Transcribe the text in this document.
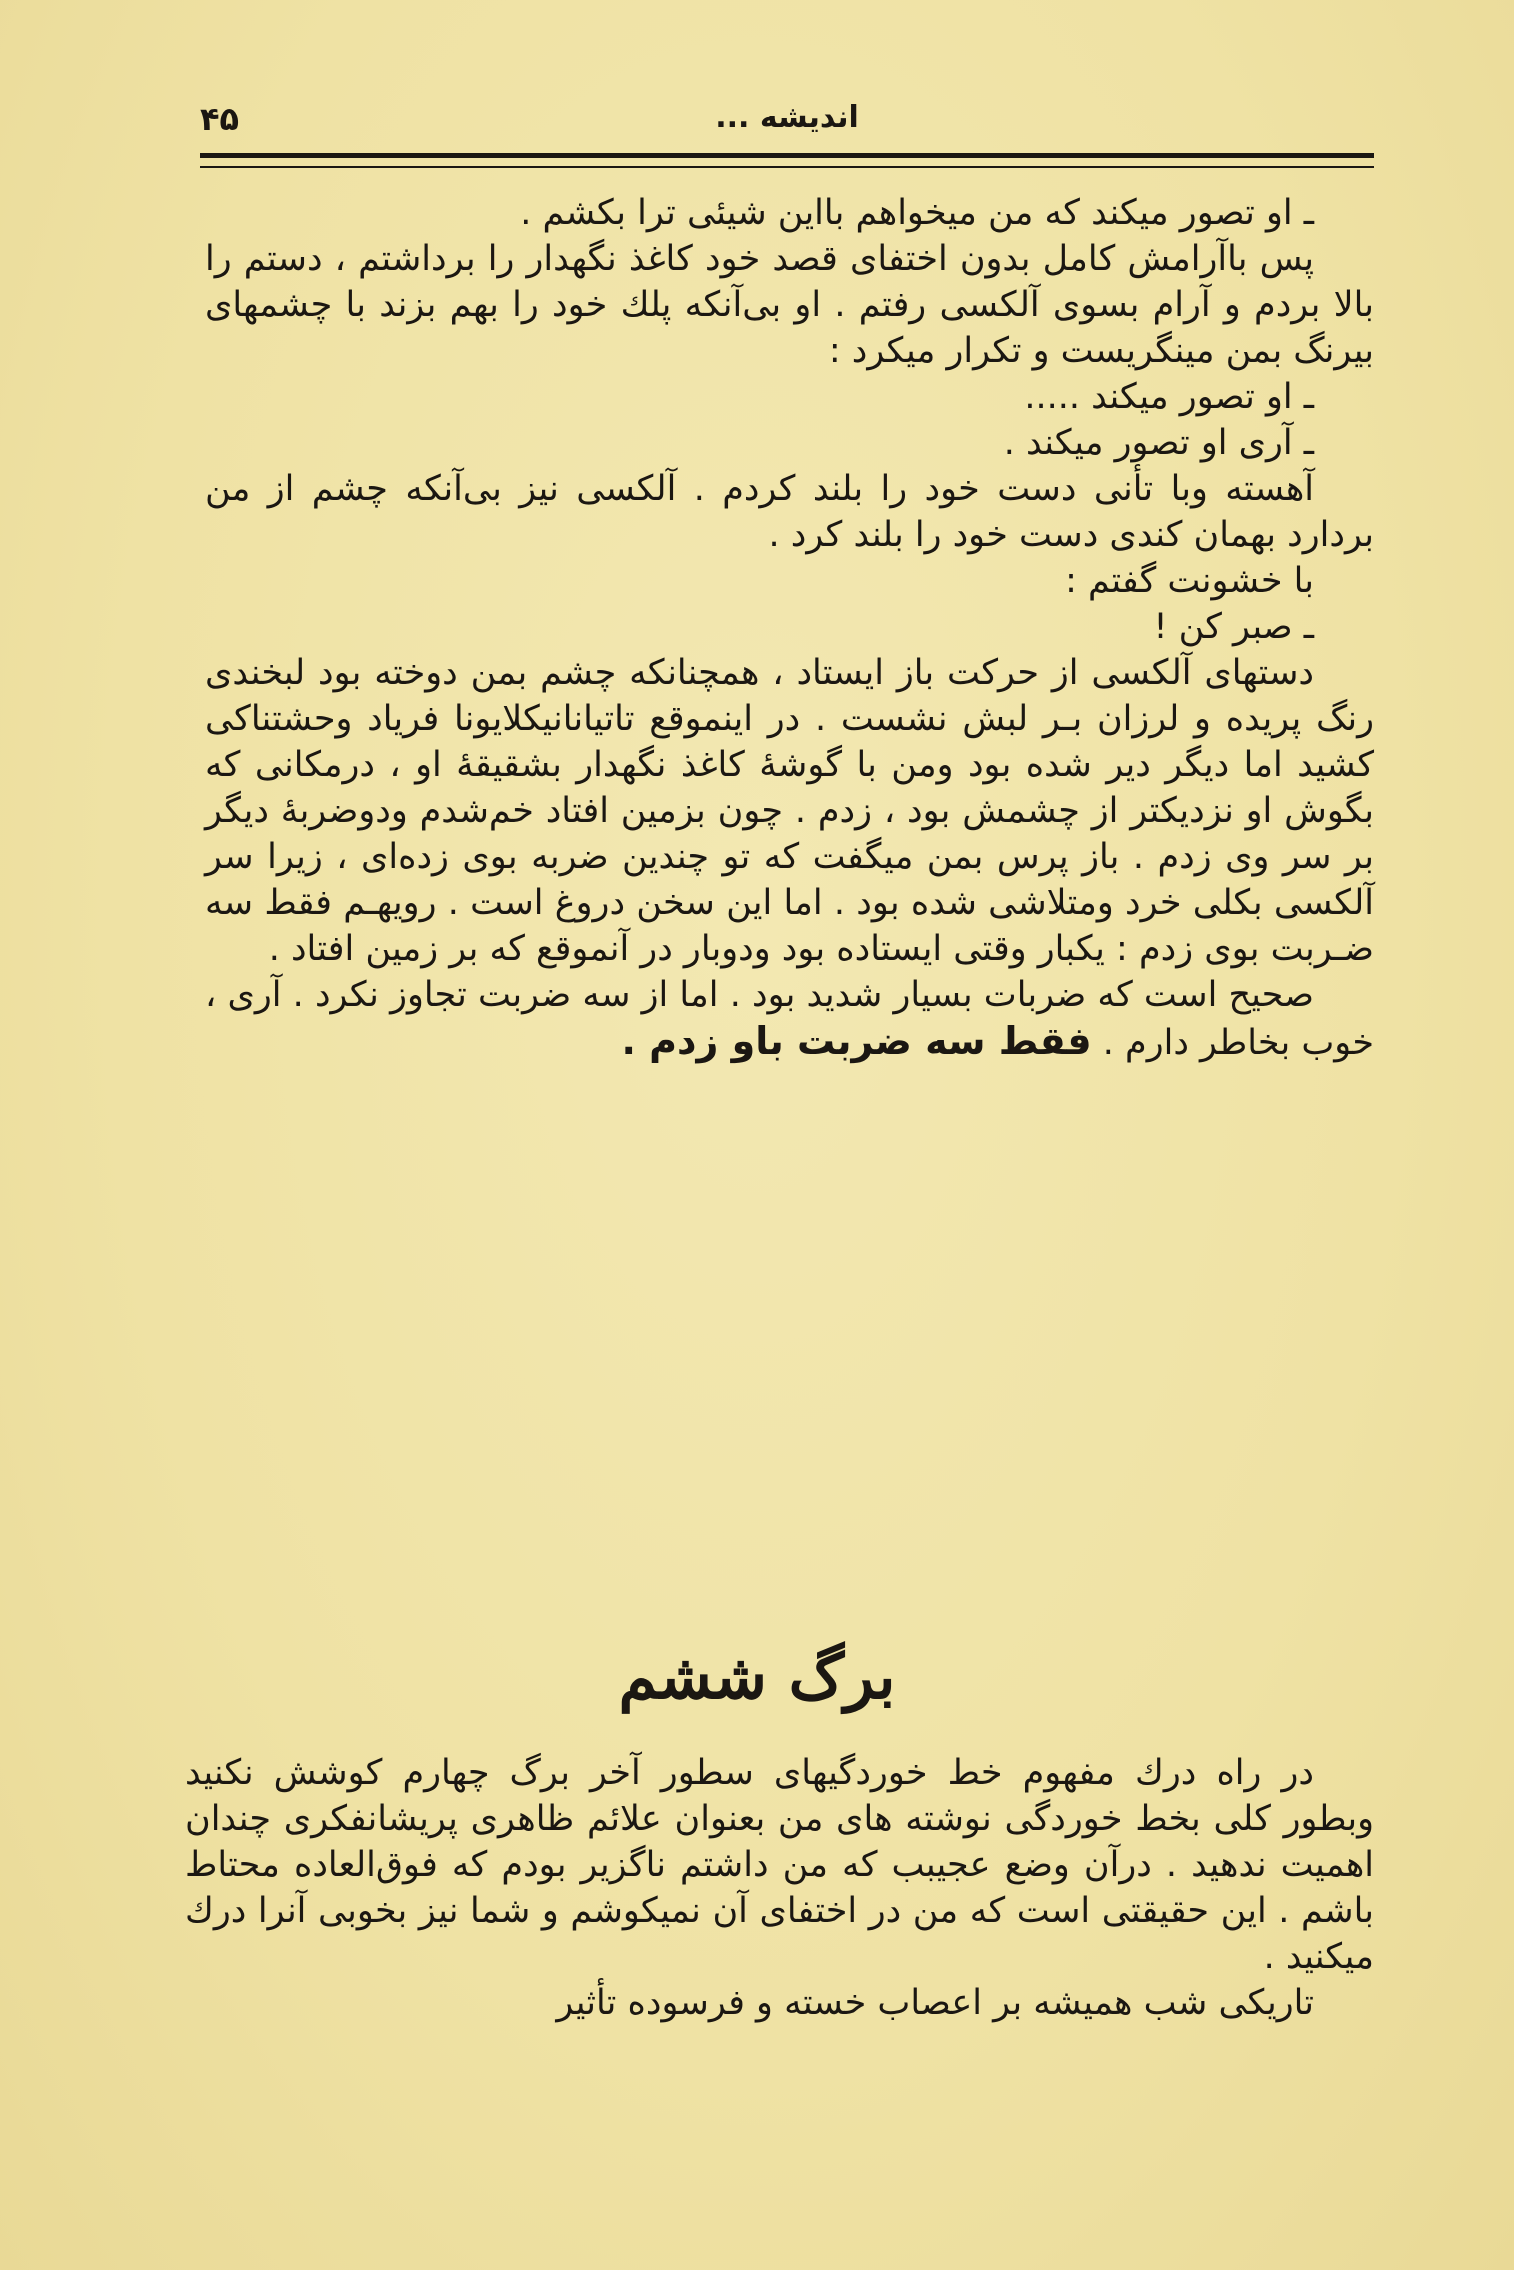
۴۵	اندیشه ...

ـ او تصور میکند که من میخواهم بااین شیئی ترا بکشم .

پس باآرامش کامل بدون اختفای قصد خود کاغذ نگهدار را برداشتم ، دستم را بالا بردم و آرام بسوی آلکسی رفتم . او بی‌آنکه پلك خود را بهم بزند با چشمهای بیرنگ بمن مینگریست و تکرار میکرد :

ـ او تصور میکند .....

ـ آری او تصور میکند .

آهسته وبا تأنی دست خود را بلند کردم . آلکسی نیز بی‌آنکه چشم از من بردارد بهمان کندی دست خود را بلند کرد .

با خشونت گفتم :

ـ صبر کن !

دستهای آلکسی از حرکت باز ایستاد ، همچنانکه چشم بمن دوخته بود لبخندی رنگ پریده و لرزان بـر لبش نشست . در اینموقع تاتیانانیکلایونا فریاد وحشتناکی کشید اما دیگر دیر شده بود ومن با گوشهٔ کاغذ نگهدار بشقیقهٔ او ، درمکانی که بگوش او نزدیکتر از چشمش بود ، زدم . چون بزمین افتاد خم‌شدم ودوضربهٔ دیگر بر سر وی زدم . باز پرس بمن میگفت که تو چندین ضربه بوی زده‌ای ، زیرا سر آلکسی بکلی خرد ومتلاشی شده بود . اما این سخن دروغ است . رویهـم فقط سه ضـربت بوی زدم : یکبار وقتی ایستاده بود ودوبار در آنموقع که بر زمین افتاد .

صحیح است که ضربات بسیار شدید بود . اما از سه ضربت تجاوز نکرد . آری ، خوب بخاطر دارم . فقط سه ضربت باو زدم .

برگ ششم

در راه درك مفهوم خط خوردگیهای سطور آخر برگ چهارم کوشش نکنید وبطور کلی بخط خوردگی نوشته های من بعنوان علائم ظاهری پریشانفکری چندان اهمیت ندهید . درآن وضع عجیبب که من داشتم ناگزیر بودم که فوق‌العاده محتاط باشم . این حقیقتی است که من در اختفای آن نمیکوشم و شما نیز بخوبی آنرا درك میکنید .

تاریکی شب همیشه بر اعصاب خسته و فرسوده تأثیر
